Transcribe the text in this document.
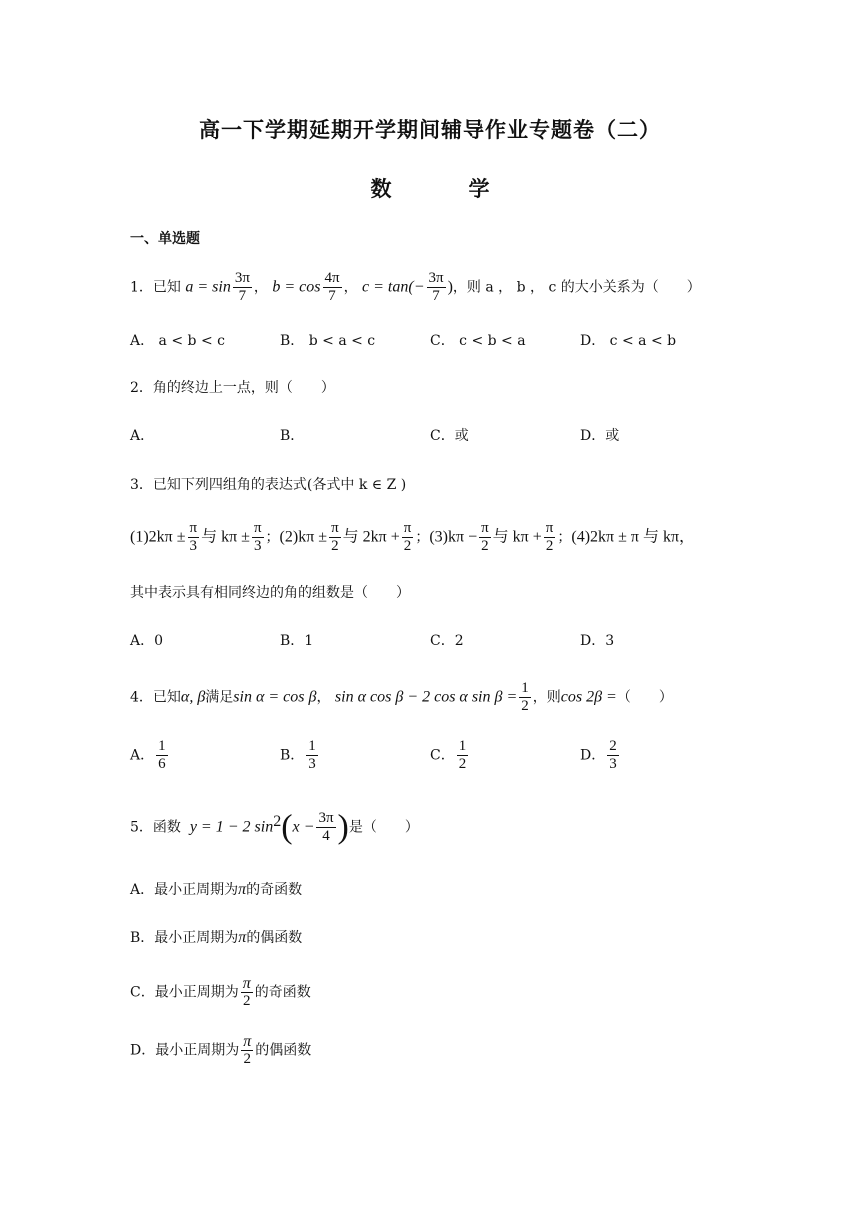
高一下学期延期开学期间辅导作业专题卷（二）
数　学
一、单选题
1．已知 $a = \sin \frac{3\pi}{7}$ ， $b = \cos \frac{4\pi}{7}$ ， $c = \tan(- \frac{3\pi}{7}$ )，则 a ， b ， c 的大小关系为（　　）
A． a < b < c	B． b < a < c	C． c < b < a	D． c < a < b
2．角的终边上一点，则（　　）
A．	B．	C．或	D．或
3．已知下列四组角的表达式(各式中 k ∈ Z )
$(1)2k\pi \pm \frac{\pi}{3}$ 与 $k\pi \pm \frac{\pi}{3}$ ；$(2)k\pi \pm \frac{\pi}{2}$ 与 $2k\pi + \frac{\pi}{2}$ ；$(3)k\pi - \frac{\pi}{2}$ 与 $k\pi + \frac{\pi}{2}$ ；(4)2kπ ± π 与 kπ，
其中表示具有相同终边的角的组数是（　　）
A．0	B．1	C．2	D．3
4．已知α, β满足sin α = cos β， sin α cos β − 2 cos α $\sin \beta = \frac{1}{2}$ ，则cos 2β =（　　）
A． $\frac{1}{6}$	B． $\frac{1}{3}$	C． $\frac{1}{2}$	D． $\frac{2}{3}$
5．函数 y = 1 − 2 $\sin^2(x - \frac{3\pi}{4}$ )是（　　）
A．最小正周期为π的奇函数
B．最小正周期为π的偶函数
C．最小正周期为 $\frac{\pi}{2}$ 的奇函数
D．最小正周期为 $\frac{\pi}{2}$ 的偶函数
